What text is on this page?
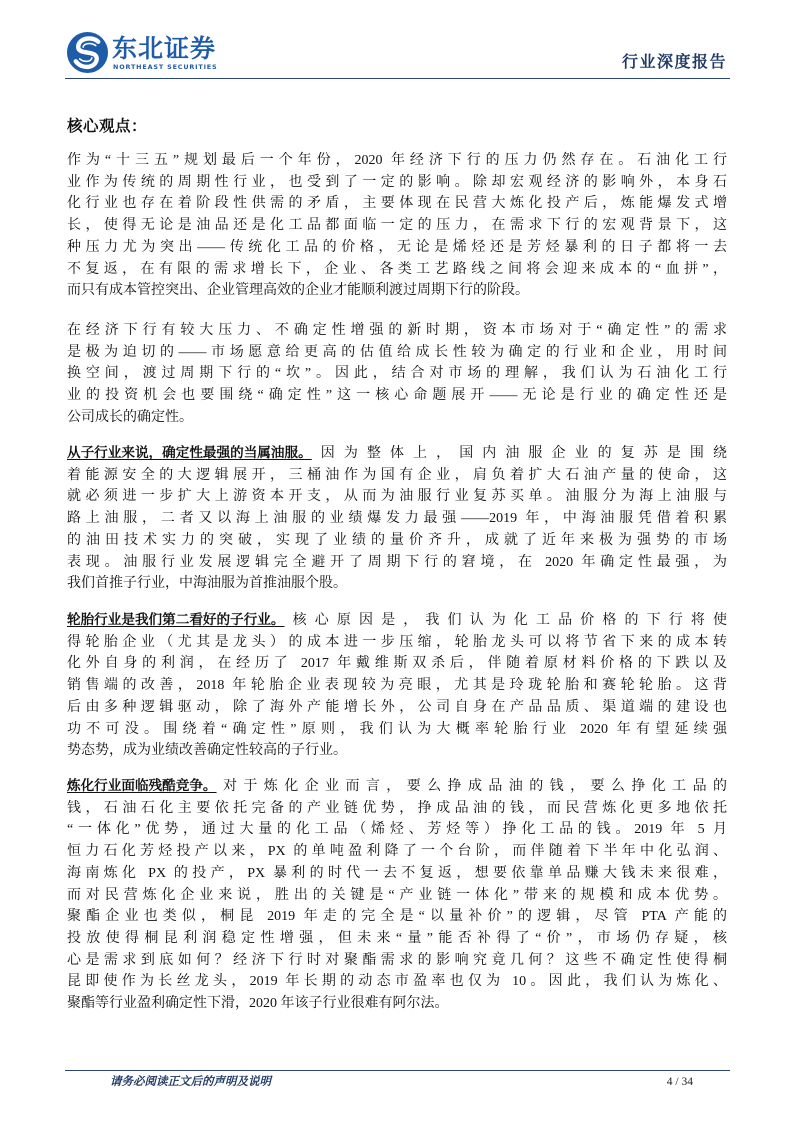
东北证券
NORTHEAST SECURITIES	行业深度报告
核心观点：
作为“十三五”规划最后一个年份，2020 年经济下行的压力仍然存在。石油化工行
业作为传统的周期性行业，也受到了一定的影响。除却宏观经济的影响外，本身石
化行业也存在着阶段性供需的矛盾，主要体现在民营大炼化投产后，炼能爆发式增
长，使得无论是油品还是化工品都面临一定的压力，在需求下行的宏观背景下，这
种压力尤为突出——传统化工品的价格，无论是烯烃还是芳烃暴利的日子都将一去
不复返，在有限的需求增长下，企业、各类工艺路线之间将会迎来成本的“血拼”，
而只有成本管控突出、企业管理高效的企业才能顺利渡过周期下行的阶段。
在经济下行有较大压力、不确定性增强的新时期，资本市场对于“确定性”的需求
是极为迫切的——市场愿意给更高的估值给成长性较为确定的行业和企业，用时间
换空间，渡过周期下行的“坎”。因此，结合对市场的理解，我们认为石油化工行
业的投资机会也要围绕“确定性”这一核心命题展开——无论是行业的确定性还是
公司成长的确定性。
从子行业来说，确定性最强的当属油服。因为整体上，国内油服企业的复苏是围绕
着能源安全的大逻辑展开，三桶油作为国有企业，肩负着扩大石油产量的使命，这
就必须进一步扩大上游资本开支，从而为油服行业复苏买单。油服分为海上油服与
路上油服，二者又以海上油服的业绩爆发力最强——2019 年，中海油服凭借着积累
的油田技术实力的突破，实现了业绩的量价齐升，成就了近年来极为强势的市场
表现。油服行业发展逻辑完全避开了周期下行的窘境，在 2020 年确定性最强，为
我们首推子行业，中海油服为首推油服个股。
轮胎行业是我们第二看好的子行业。核心原因是，我们认为化工品价格的下行将使
得轮胎企业（尤其是龙头）的成本进一步压缩，轮胎龙头可以将节省下来的成本转
化外自身的利润，在经历了 2017 年戴维斯双杀后，伴随着原材料价格的下跌以及
销售端的改善，2018 年轮胎企业表现较为亮眼，尤其是玲珑轮胎和赛轮轮胎。这背
后由多种逻辑驱动，除了海外产能增长外，公司自身在产品品质、渠道端的建设也
功不可没。围绕着“确定性”原则，我们认为大概率轮胎行业 2020 年有望延续强
势态势，成为业绩改善确定性较高的子行业。
炼化行业面临残酷竞争。对于炼化企业而言，要么挣成品油的钱，要么挣化工品的
钱，石油石化主要依托完备的产业链优势，挣成品油的钱，而民营炼化更多地依托
“一体化”优势，通过大量的化工品（烯烃、芳烃等）挣化工品的钱。2019 年 5 月
恒力石化芳烃投产以来，PX 的单吨盈利降了一个台阶，而伴随着下半年中化弘润、
海南炼化 PX 的投产，PX 暴利的时代一去不复返，想要依靠单品赚大钱未来很难，
而对民营炼化企业来说，胜出的关键是“产业链一体化”带来的规模和成本优势。
聚酯企业也类似，桐昆 2019 年走的完全是“以量补价”的逻辑，尽管 PTA 产能的
投放使得桐昆利润稳定性增强，但未来“量”能否补得了“价”，市场仍存疑，核
心是需求到底如何？经济下行时对聚酯需求的影响究竟几何？这些不确定性使得桐
昆即使作为长丝龙头，2019 年长期的动态市盈率也仅为 10。因此，我们认为炼化、
聚酯等行业盈利确定性下滑，2020 年该子行业很难有阿尔法。
请务必阅读正文后的声明及说明	4 / 34
